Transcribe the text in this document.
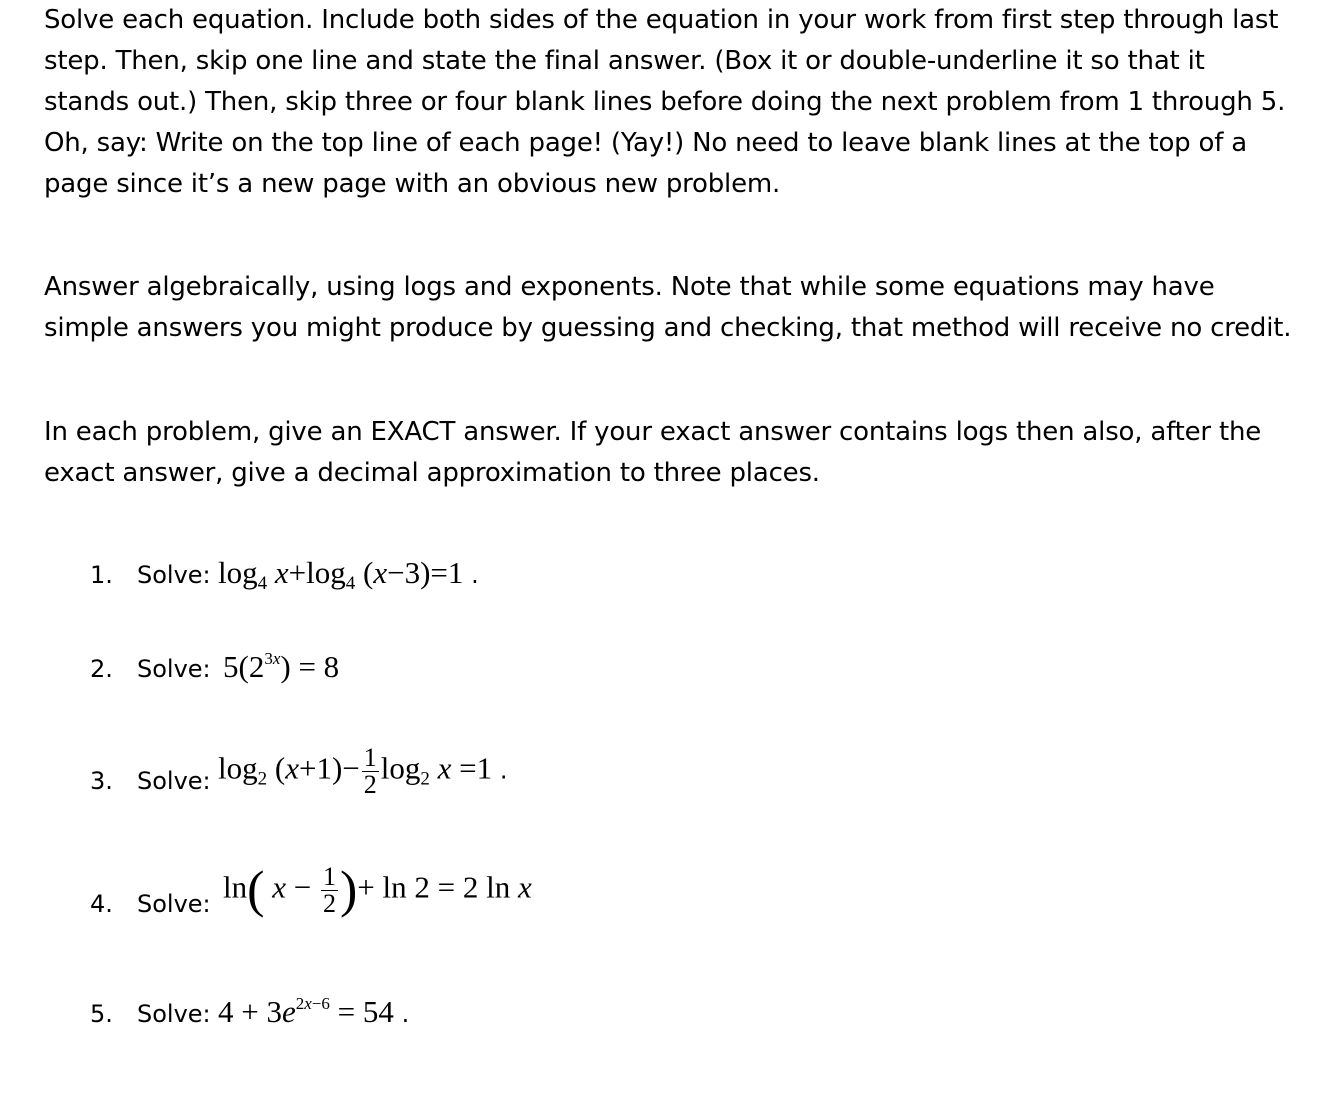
Solve each equation. Include both sides of the equation in your work from first step through last step. Then, skip one line and state the final answer. (Box it or double-underline it so that it stands out.) Then, skip three or four blank lines before doing the next problem from 1 through 5. Oh, say: Write on the top line of each page! (Yay!) No need to leave blank lines at the top of a page since it’s a new page with an obvious new problem.

Answer algebraically, using logs and exponents. Note that while some equations may have simple answers you might produce by guessing and checking, that method will receive no credit.

In each problem, give an EXACT answer. If your exact answer contains logs then also, after the exact answer, give a decimal approximation to three places.

1. Solve: $\log_4 x+\log_4$ (x−3)=1 .
2. Solve: $5(2^{3x}) = 8$
3. Solve: $\log_2 (x+1)- \frac{1}{2} \log_2 x =1$ .
4. Solve: ln( $x - \frac{1}{2}$ )+ ln 2 = 2 ln x
5. Solve: $4 + 3e^{2x-6} = 54$ .
